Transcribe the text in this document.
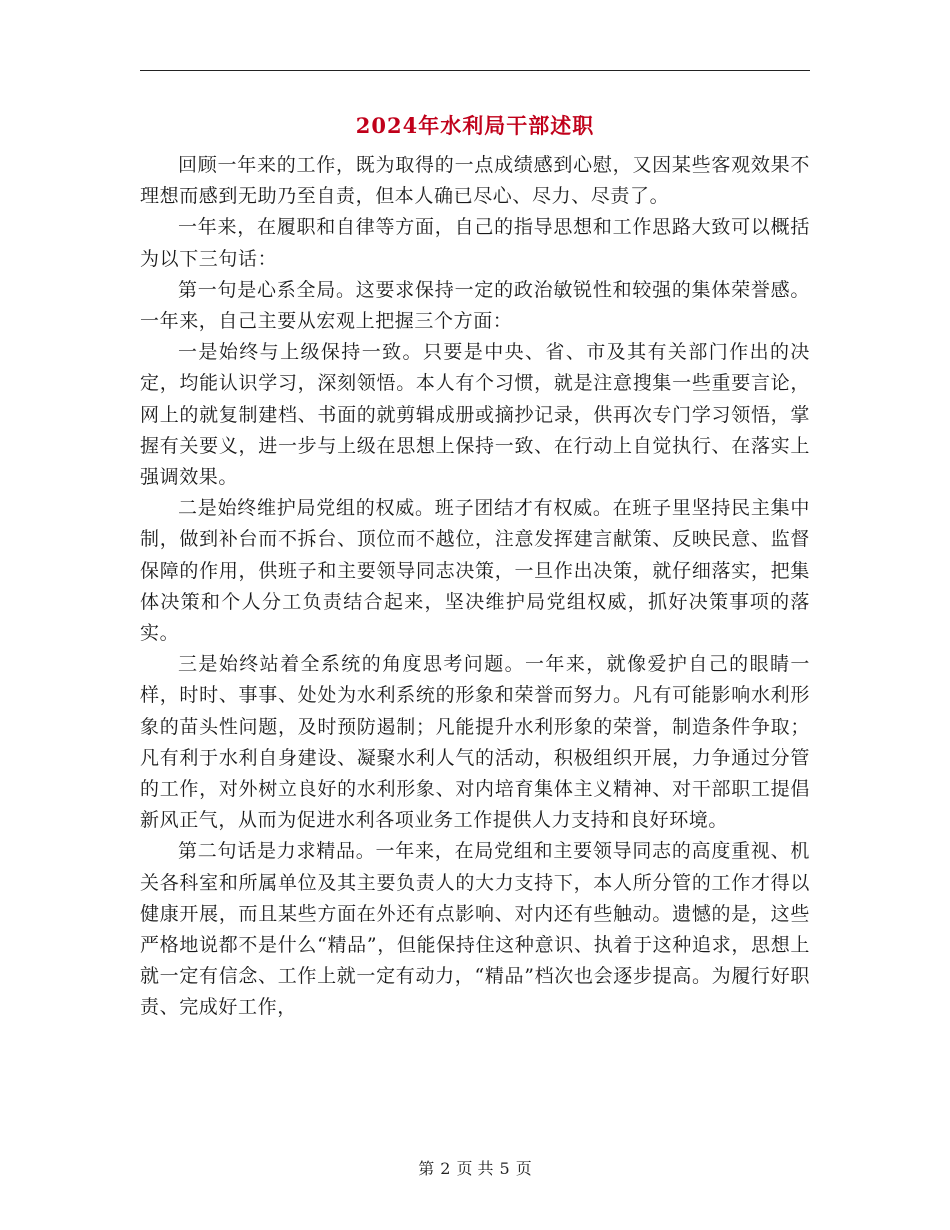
2024年水利局干部述职

回顾一年来的工作，既为取得的一点成绩感到心慰，又因某些客观效果不理想而感到无助乃至自责，但本人确已尽心、尽力、尽责了。

一年来，在履职和自律等方面，自己的指导思想和工作思路大致可以概括为以下三句话：

第一句是心系全局。这要求保持一定的政治敏锐性和较强的集体荣誉感。一年来，自己主要从宏观上把握三个方面：

一是始终与上级保持一致。只要是中央、省、市及其有关部门作出的决定，均能认识学习，深刻领悟。本人有个习惯，就是注意搜集一些重要言论，网上的就复制建档、书面的就剪辑成册或摘抄记录，供再次专门学习领悟，掌握有关要义，进一步与上级在思想上保持一致、在行动上自觉执行、在落实上强调效果。

二是始终维护局党组的权威。班子团结才有权威。在班子里坚持民主集中制，做到补台而不拆台、顶位而不越位，注意发挥建言献策、反映民意、监督保障的作用，供班子和主要领导同志决策，一旦作出决策，就仔细落实，把集体决策和个人分工负责结合起来，坚决维护局党组权威，抓好决策事项的落实。

三是始终站着全系统的角度思考问题。一年来，就像爱护自己的眼睛一样，时时、事事、处处为水利系统的形象和荣誉而努力。凡有可能影响水利形象的苗头性问题，及时预防遏制；凡能提升水利形象的荣誉，制造条件争取；凡有利于水利自身建设、凝聚水利人气的活动，积极组织开展，力争通过分管的工作，对外树立良好的水利形象、对内培育集体主义精神、对干部职工提倡新风正气，从而为促进水利各项业务工作提供人力支持和良好环境。

第二句话是力求精品。一年来，在局党组和主要领导同志的高度重视、机关各科室和所属单位及其主要负责人的大力支持下，本人所分管的工作才得以健康开展，而且某些方面在外还有点影响、对内还有些触动。遗憾的是，这些严格地说都不是什么“精品”，但能保持住这种意识、执着于这种追求，思想上就一定有信念、工作上就一定有动力，“精品”档次也会逐步提高。为履行好职责、完成好工作，

第 2 页 共 5 页
